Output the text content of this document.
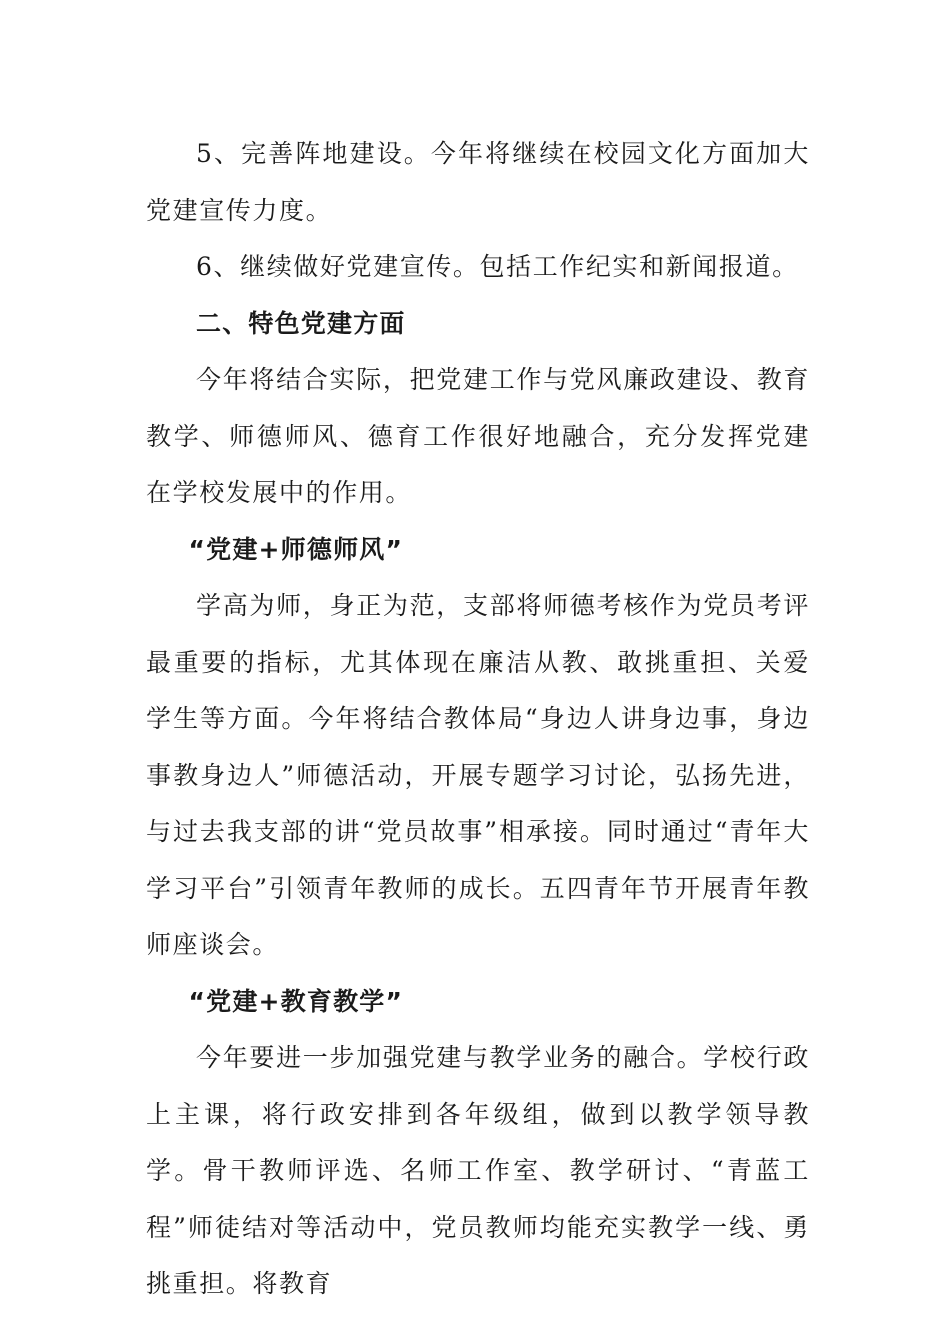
5、完善阵地建设。今年将继续在校园文化方面加大党建宣传力度。

6、继续做好党建宣传。包括工作纪实和新闻报道。

二、特色党建方面

今年将结合实际，把党建工作与党风廉政建设、教育教学、师德师风、德育工作很好地融合，充分发挥党建在学校发展中的作用。

“党建+师德师风”

学高为师，身正为范，支部将师德考核作为党员考评最重要的指标，尤其体现在廉洁从教、敢挑重担、关爱学生等方面。今年将结合教体局“身边人讲身边事，身边事教身边人”师德活动，开展专题学习讨论，弘扬先进，与过去我支部的讲“党员故事”相承接。同时通过“青年大学习平台”引领青年教师的成长。五四青年节开展青年教师座谈会。

“党建+教育教学”

今年要进一步加强党建与教学业务的融合。学校行政上主课，将行政安排到各年级组，做到以教学领导教学。骨干教师评选、名师工作室、教学研讨、“青蓝工程”师徒结对等活动中，党员教师均能充实教学一线、勇挑重担。将教育
